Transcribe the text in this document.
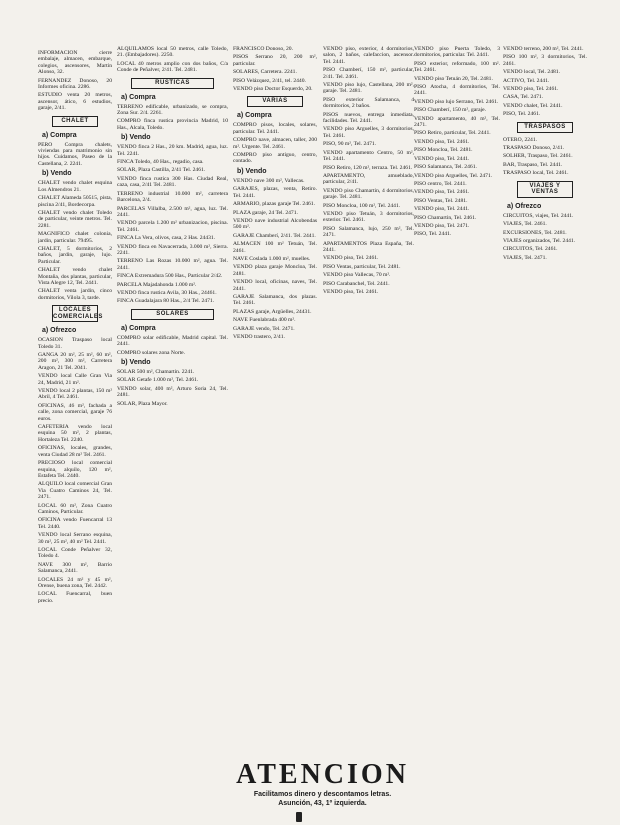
INFORMACION cierre embalaje, almacen, embarque, colegios, ascensores, Martin Alonso, 32.
FERNANDEZ Donoso, 20 Informes oficina. 2286.
ESTUDIO venta 20 metros, ascensor, ático, 6 estudios, garaje, 2/41.
CHALET
a) Compra
PERO Compra chalets, viviendas para matrimonio sin hijos. Cuidamos, Paseo de la Castellana, 2. 2241.
b) Vendo
CHALET vendo chalet esquina Los Almendros 21.
CHALET Alameda 50515, pista, piscina 2/41, Bordecorpa.
CHALET vendo chalet Toledo de particular, veinte metros. Tel. 2281.
MAGNIFICO chalet colonia, jardin, particular. 79495.
CHALET, 5 dormitorios, 2 baños, jardin, garaje, lujo. Particular.
CHALET vendo chalet Montaña, dos plantas, particular, Vista Alegre 12, Tel. 2441.
CHALET venta jardin, cinco dormitorios, Vilola 3, tarde.
LOCALES COMERCIALES
a) Ofrezco
OCASION Traspaso local Toledo 31.
GANGA 20 m², 25 m², 60 m², 200 m², 300 m², Carretera Aragon, 21 Tel. 2041.
VENDO local Calle Gran Via 24, Madrid, 21 m².
VENDO local 2 plantas, 150 m² Abril, 4 Tel. 2461.
OFICINAS, 46 m², fachada a calle, zona comercial, garaje 76 euros.
CAFETERIA vendo local esquina 50 m², 2 plantas, Hortaleza Tel. 2240.
OFICINAS, locales, grandes, venta Ciudad 28 m² Tel. 2461.
PRECIOSO local comercial esquina, alquilo, 120 m², Estafeta Tel. 2440.
ALQUILO local comercial Gran Via Cuatro Caminos 24, Tel. 2471.
LOCAL 60 m², Zona Cuatro Caminos, Particular.
OFICINA vendo Fuencarral 13 Tel. 2440.
VENDO local Serrano esquina, 30 m², 25 m², 40 m² Tel. 2441.
LOCAL Conde Peñalver 32, Toledo 4.
NAVE 300 m², Barrio Salamanca, 2441.
LOCALES 24 m² y 45 m², Orense, buena zona, Tel. 2442.
LOCAL Fuencarral, buen precio.
ALQUILAMOS local 50 metros, calle Toledo, 21. (Embajadores). 2250.
LOCAL 40 metros amplio con dos baños, C/a Conde de Peñalver, 2/41. Tel. 2481.
RUSTICAS
a) Compra
TERRENO edificable, urbanizado, se compra, Zona Sur. 2/4. 2261.
COMPRO finca rustica provincia Madrid, 10 Has., Alcala, Toledo.
b) Vendo
VENDO finca 2 Has., 20 km. Madrid, agua, luz. Tel. 2241.
FINCA Toledo, 40 Has., regadio, casa.
SOLAR, Plaza Castilla, 2/41 Tel. 2461.
VENDO finca rustica 300 Has. Ciudad Real, caza, casa, 2/41 Tel. 2481.
TERRENO industrial 10.000 m², carretera Barcelona, 2/4.
PARCELAS Villalba, 2.500 m², agua, luz. Tel. 2441.
VENDO parcela 1.200 m² urbanizacion, piscina. Tel. 2461.
FINCA La Vera, olivos, casa, 2 Has. 24431.
VENDO finca en Navacerrada, 3.000 m², Sierra. 2241.
TERRENO Las Rozas 10.000 m², agua. Tel. 2441.
FINCA Extremadura 500 Has., Particular 2/42.
PARCELA Majadahonda 1.000 m².
VENDO finca rustica Avila, 30 Has., 24461.
FINCA Guadalajara 80 Has., 2/4 Tel. 2471.
SOLARES
a) Compra
COMPRO solar edificable, Madrid capital. Tel. 2441.
COMPRO solares zona Norte.
b) Vendo
SOLAR 500 m², Chamartin. 2241.
SOLAR Getafe 1.000 m², Tel. 2461.
VENDO solar, 400 m², Arturo Soria 24, Tel. 2481.
SOLAR, Plaza Mayor.
FRANCISCO Donoso, 20.
PISOS Serrano 20, 200 m², particular.
SOLARES, Carretera. 2241.
PISO Velázquez, 2/41, tel. 2440.
VENDO piso Doctor Esquerdo, 20.
VARIAS
a) Compra
COMPRO pisos, locales, solares, particular. Tel. 2441.
COMPRO nave, almacen, taller, 200 m². Urgente. Tel. 2461.
COMPRO piso antiguo, centro, contado.
b) Vendo
VENDO nave 300 m², Vallecas.
GARAJES, plazas, venta, Retiro. Tel. 2441.
ARMARIO, plazas garaje Tel. 2461.
PLAZA garaje, 24 Tel. 2471.
VENDO nave industrial Alcobendas 500 m².
GARAJE Chamberí, 2/41. Tel. 2441.
ALMACEN 100 m² Tetuán, Tel. 2461.
NAVE Coslada 1.000 m², muelles.
VENDO plaza garaje Moncloa, Tel. 2481.
VENDO local, oficinas, naves, Tel. 2441.
GARAJE Salamanca, dos plazas. Tel. 2461.
PLAZAS garaje, Argüelles, 24431.
NAVE Fuenlabrada 400 m².
GARAJE vendo, Tel. 2471.
VENDO trastero, 2/41.
VENDO piso, exterior, 4 dormitorios, salon, 2 baños, calefaccion, ascensor. Tel. 2441.
PISO Chamberí, 150 m², particular, 2/41. Tel. 2461.
VENDO piso lujo, Castellana, 200 m², garaje. Tel. 2481.
PISO exterior Salamanca, 4 dormitorios, 2 baños.
PISOS nuevos, entrega inmediata, facilidades. Tel. 2441.
VENDO piso Arguelles, 3 dormitorios, Tel. 2461.
PISO, 90 m², Tel. 2471.
VENDO apartamento Centro, 50 m², Tel. 2441.
PISO Retiro, 120 m², terraza. Tel. 2461.
APARTAMENTO, amueblado, particular, 2/41.
VENDO piso Chamartin, 4 dormitorios, garaje. Tel. 2481.
PISO Moncloa, 100 m², Tel. 2441.
VENDO piso Tetuán, 3 dormitorios, exterior. Tel. 2461.
PISO Salamanca, lujo, 250 m², Tel. 2471.
APARTAMENTOS Plaza España, Tel. 2441.
VENDO piso, Tel. 2461.
PISO Ventas, particular, Tel. 2481.
VENDO piso Vallecas, 70 m².
PISO Carabanchel, Tel. 2441.
VENDO piso, Tel. 2461.
VENDO piso Puerta Toledo, 3 dormitorios, particular. Tel. 2441.
PISO exterior, reformado, 100 m². Tel. 2461.
VENDO piso Tetuán 20, Tel. 2481.
PISO Atocha, 4 dormitorios, Tel. 2441.
VENDO piso lujo Serrano, Tel. 2461.
PISO Chamberí, 150 m², garaje.
VENDO apartamento, 40 m², Tel. 2471.
PISO Retiro, particular, Tel. 2441.
VENDO piso, Tel. 2461.
PISO Moncloa, Tel. 2481.
VENDO piso, Tel. 2441.
PISO Salamanca, Tel. 2461.
VENDO piso Arguelles, Tel. 2471.
PISO centro, Tel. 2441.
VENDO piso, Tel. 2461.
PISO Ventas, Tel. 2481.
VENDO piso, Tel. 2441.
PISO Chamartin, Tel. 2461.
VENDO piso, Tel. 2471.
PISO, Tel. 2441.
VENDO terreno, 200 m², Tel. 2441.
PISO 100 m², 3 dormitorios, Tel. 2461.
VENDO local, Tel. 2481.
ACTIVO, Tel. 2441.
VENDO piso, Tel. 2461.
CASA, Tel. 2471.
VENDO chalet, Tel. 2441.
PISO, Tel. 2461.
TRASPASOS
OTERO, 2241.
TRASPASO Donoso, 2/41.
SOLHER, Traspaso, Tel. 2461.
BAR, Traspaso, Tel. 2441.
TRASPASO local, Tel. 2461.
VIAJES Y VENTAS
a) Ofrezco
CIRCUITOS, viajes, Tel. 2441.
VIAJES, Tel. 2461.
EXCURSIONES, Tel. 2481.
VIAJES organizados, Tel. 2441.
CIRCUITOS, Tel. 2461.
VIAJES, Tel. 2471.
ATENCION
Facilitamos dinero y descontamos letras.
Asunción, 43, 1º izquierda.
